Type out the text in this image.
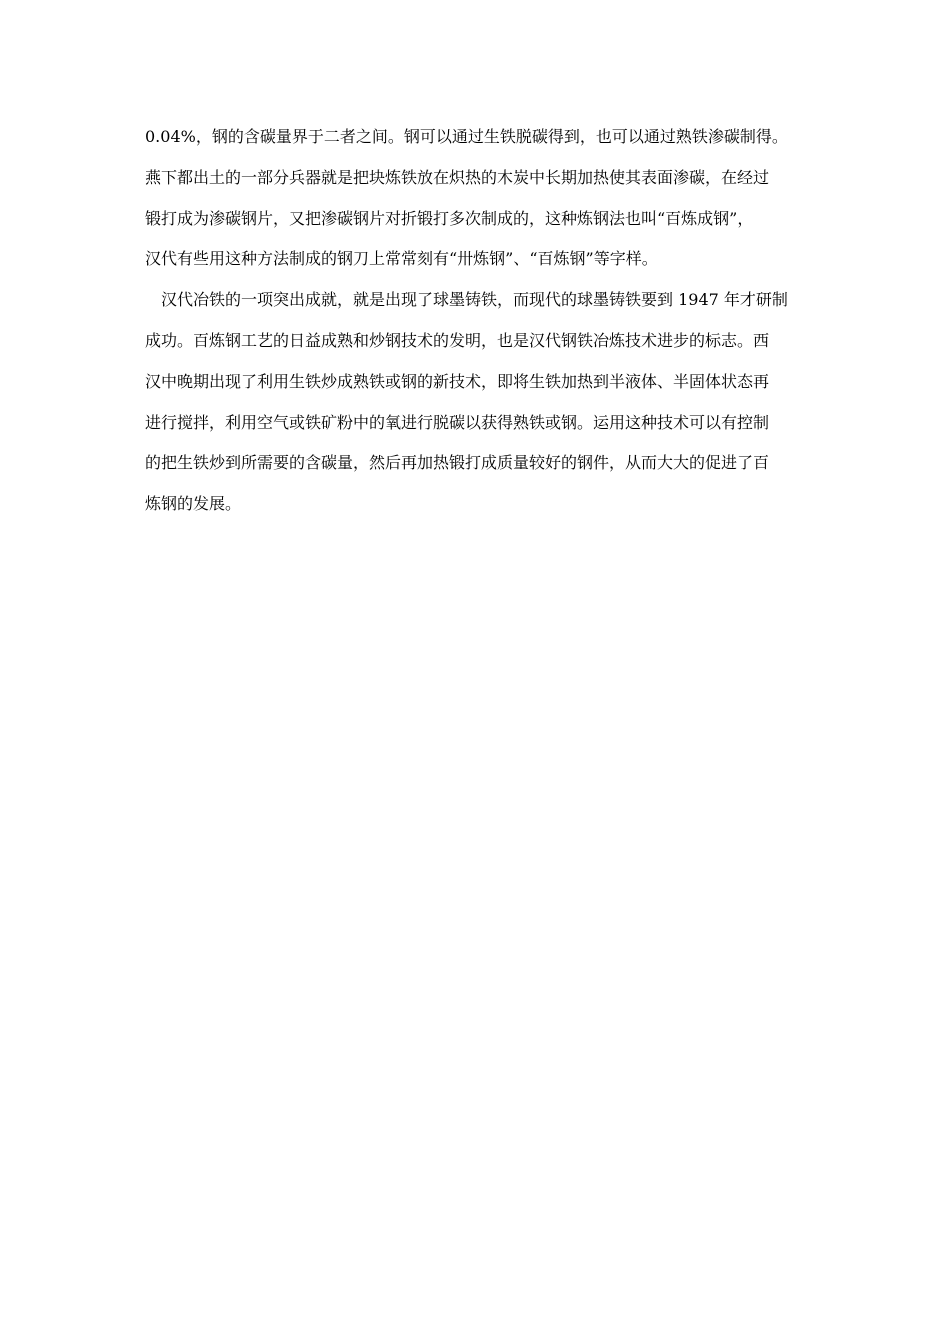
0.04%，钢的含碳量界于二者之间。钢可以通过生铁脱碳得到，也可以通过熟铁渗碳制得。
燕下都出土的一部分兵器就是把块炼铁放在炽热的木炭中长期加热使其表面渗碳，在经过
锻打成为渗碳钢片，又把渗碳钢片对折锻打多次制成的，这种炼钢法也叫“百炼成钢”，
汉代有些用这种方法制成的钢刀上常常刻有“卅炼钢”、“百炼钢”等字样。
汉代冶铁的一项突出成就，就是出现了球墨铸铁，而现代的球墨铸铁要到 1947 年才研制
成功。百炼钢工艺的日益成熟和炒钢技术的发明，也是汉代钢铁冶炼技术进步的标志。西
汉中晚期出现了利用生铁炒成熟铁或钢的新技术，即将生铁加热到半液体、半固体状态再
进行搅拌，利用空气或铁矿粉中的氧进行脱碳以获得熟铁或钢。运用这种技术可以有控制
的把生铁炒到所需要的含碳量，然后再加热锻打成质量较好的钢件，从而大大的促进了百
炼钢的发展。
